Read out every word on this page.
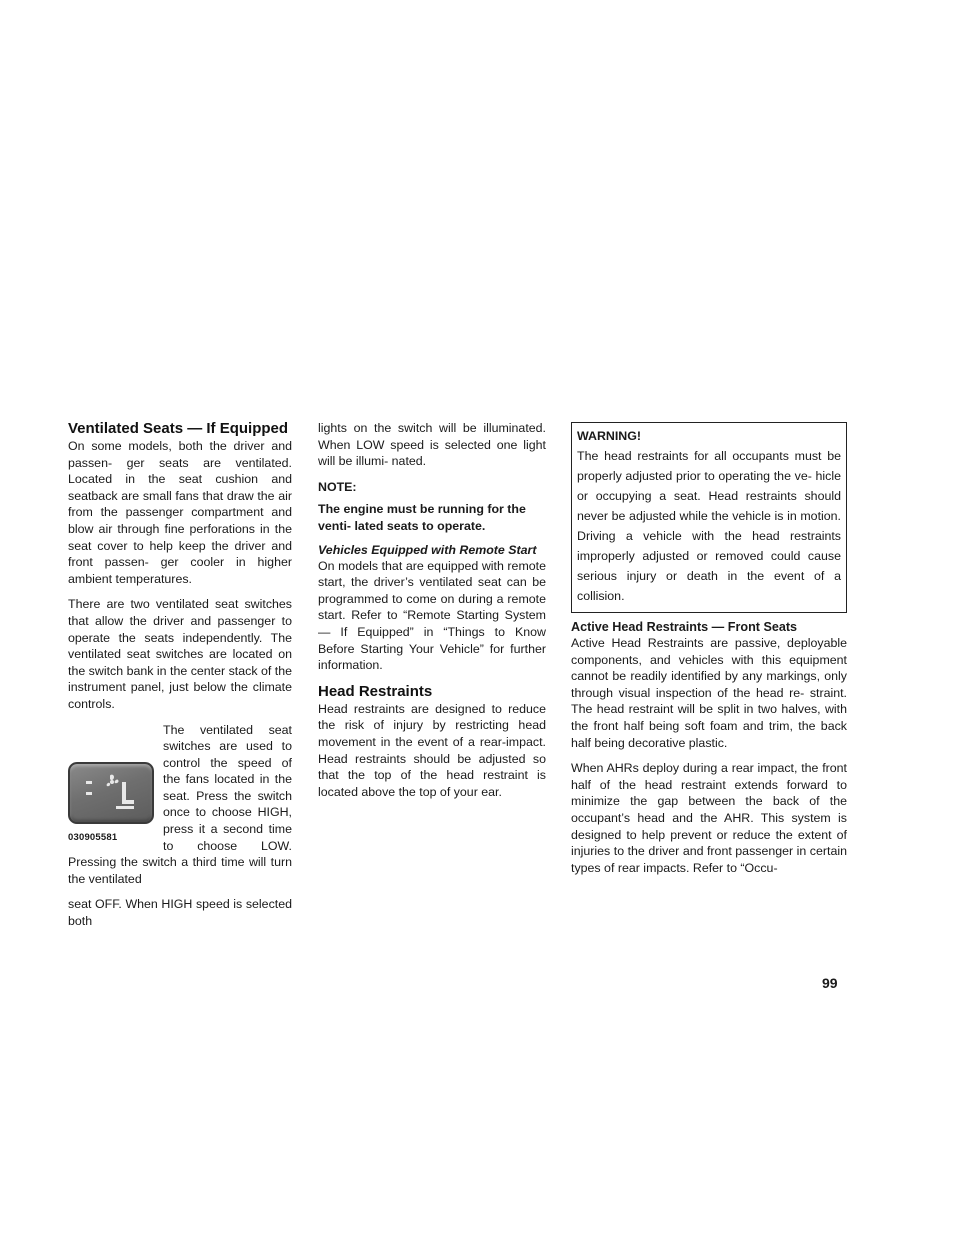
Ventilated Seats — If Equipped

On some models, both the driver and passen- ger seats are ventilated. Located in the seat cushion and seatback are small fans that draw the air from the passenger compartment and blow air through fine perforations in the seat cover to help keep the driver and front passen- ger cooler in higher ambient temperatures.

There are two ventilated seat switches that allow the driver and passenger to operate the seats independently. The ventilated seat switches are located on the switch bank in the center stack of the instrument panel, just below the climate controls.

030905581

The ventilated seat switches are used to control the speed of the fans located in the seat. Press the switch once to choose HIGH, press it a second time to choose LOW. Pressing the switch a third time will turn the ventilated

seat OFF. When HIGH speed is selected both

lights on the switch will be illuminated. When LOW speed is selected one light will be illumi- nated.

NOTE:
The engine must be running for the venti- lated seats to operate.
Vehicles Equipped with Remote Start

On models that are equipped with remote start, the driver’s ventilated seat can be programmed to come on during a remote start. Refer to “Remote Starting System — If Equipped” in “Things to Know Before Starting Your Vehicle” for further information.

Head Restraints

Head restraints are designed to reduce the risk of injury by restricting head movement in the event of a rear-impact. Head restraints should be adjusted so that the top of the head restraint is located above the top of your ear.

WARNING!
The head restraints for all occupants must be properly adjusted prior to operating the ve- hicle or occupying a seat. Head restraints should never be adjusted while the vehicle is in motion. Driving a vehicle with the head restraints improperly adjusted or removed could cause serious injury or death in the event of a collision.
Active Head Restraints — Front Seats

Active Head Restraints are passive, deployable components, and vehicles with this equipment cannot be readily identified by any markings, only through visual inspection of the head re- straint. The head restraint will be split in two halves, with the front half being soft foam and trim, the back half being decorative plastic.

When AHRs deploy during a rear impact, the front half of the head restraint extends forward to minimize the gap between the back of the occupant’s head and the AHR. This system is designed to help prevent or reduce the extent of injuries to the driver and front passenger in certain types of rear impacts. Refer to “Occu-

99
